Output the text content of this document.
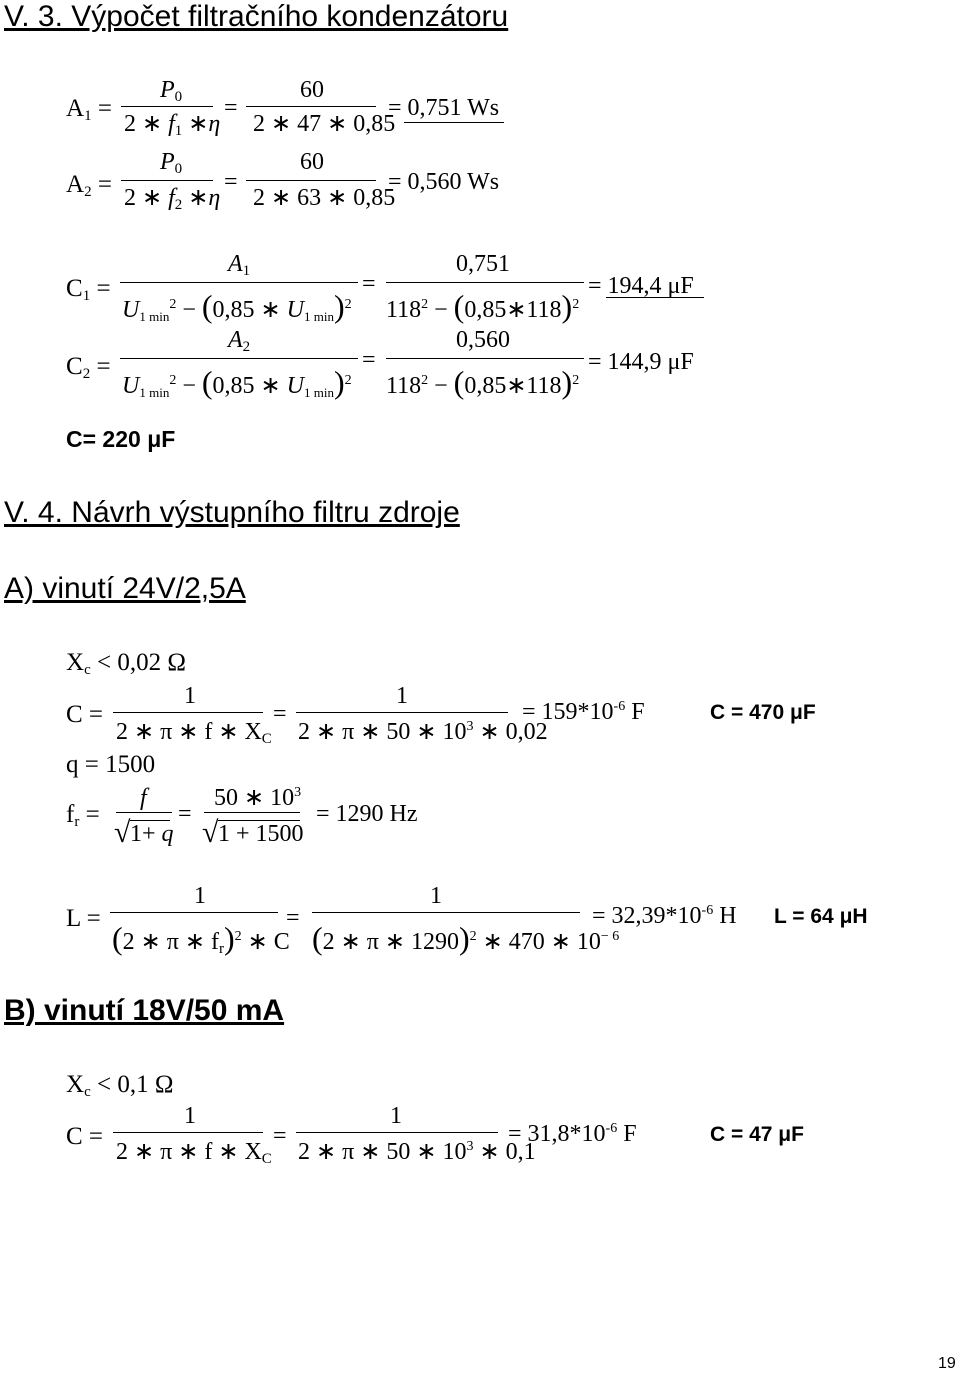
V. 3. Výpočet filtračního kondenzátoru
$A_1$ =
$P_0$
2 ∗ $f_1$ ∗η
=
60
2 ∗ 47 ∗ 0,85
= 0,751 Ws
$A_2$ =
$P_0$
2 ∗ $f_2$ ∗η
=
60
2 ∗ 63 ∗ 0,85
= 0,560 Ws
$C_1$ =
$A_1$
$U_{1 min}^2 - (0,85$ ∗ $U_{1 min})^2$
=
0,751
$118^2$ − (0,85∗118)$^2$
= 194,4 μF
$C_2$ =
$A_2$
$U_{1 min}^2 - (0,85$ ∗ $U_{1 min})^2$
=
0,560
$118^2$ − (0,85∗118)$^2$
= 144,9 μF
C= 220 μF
V. 4. Návrh výstupního filtru zdroje
A) vinutí 24V/2,5A
$X_c < 0,02$ Ω
C =
1
2 ∗ π ∗ f ∗ $X_C$
=
1
2 ∗ π ∗ 50 ∗ $10^3$ ∗ 0,02
= $159*10^{-6}$ F	C = 470 μF
q = 1500
$f_r$ =
f
√ 1+ q
=
50 ∗ $10^3$
√ 1 + 1500
= 1290 Hz
L =
1
(2 ∗ π ∗ $f_r)^2$ ∗ C
=
1
(2 ∗ π ∗ 1290)$^2$ ∗ 470 ∗ $10^{- 6}$
= $32,39*10^{-6}$ H L = 64 μH
B) vinutí 18V/50 mA
$X_c < 0,1$ Ω
C =
1
2 ∗ π ∗ f ∗ $X_C$
=
1
2 ∗ π ∗ 50 ∗ $10^3$ ∗ 0,1
= $31,8*10^{-6}$ F	C = 47 μF
19
